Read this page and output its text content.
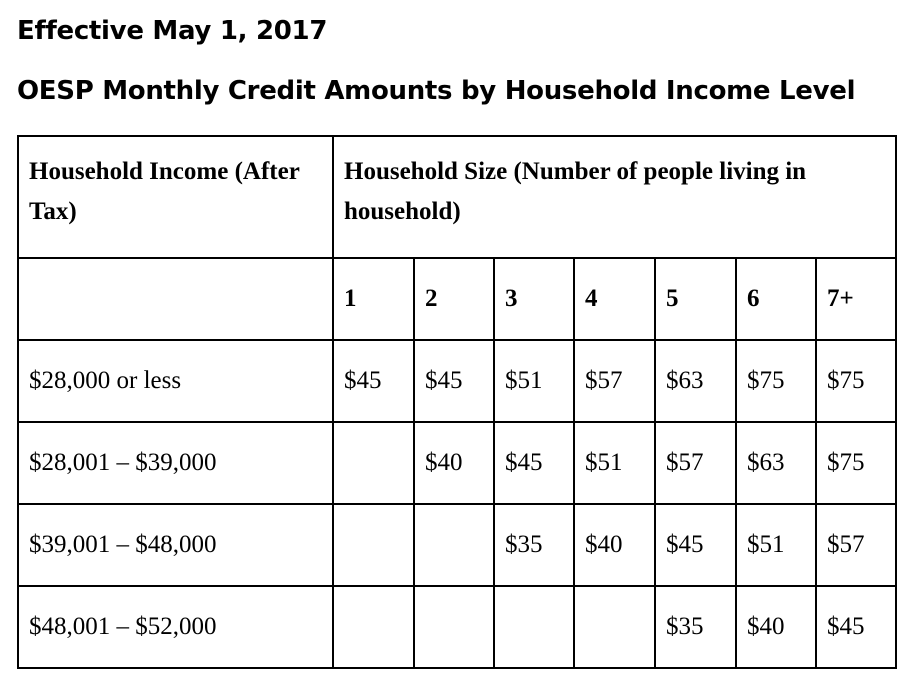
Effective May 1, 2017
OESP Monthly Credit Amounts by Household Income Level
Household Income (After Tax)	Household Size (Number of people living in household)						
	1	2	3	4	5	6	7+
$28,000 or less	$45	$45	$51	$57	$63	$75	$75
$28,001 – $39,000		$40	$45	$51	$57	$63	$75
$39,001 – $48,000			$35	$40	$45	$51	$57
$48,001 – $52,000					$35	$40	$45
